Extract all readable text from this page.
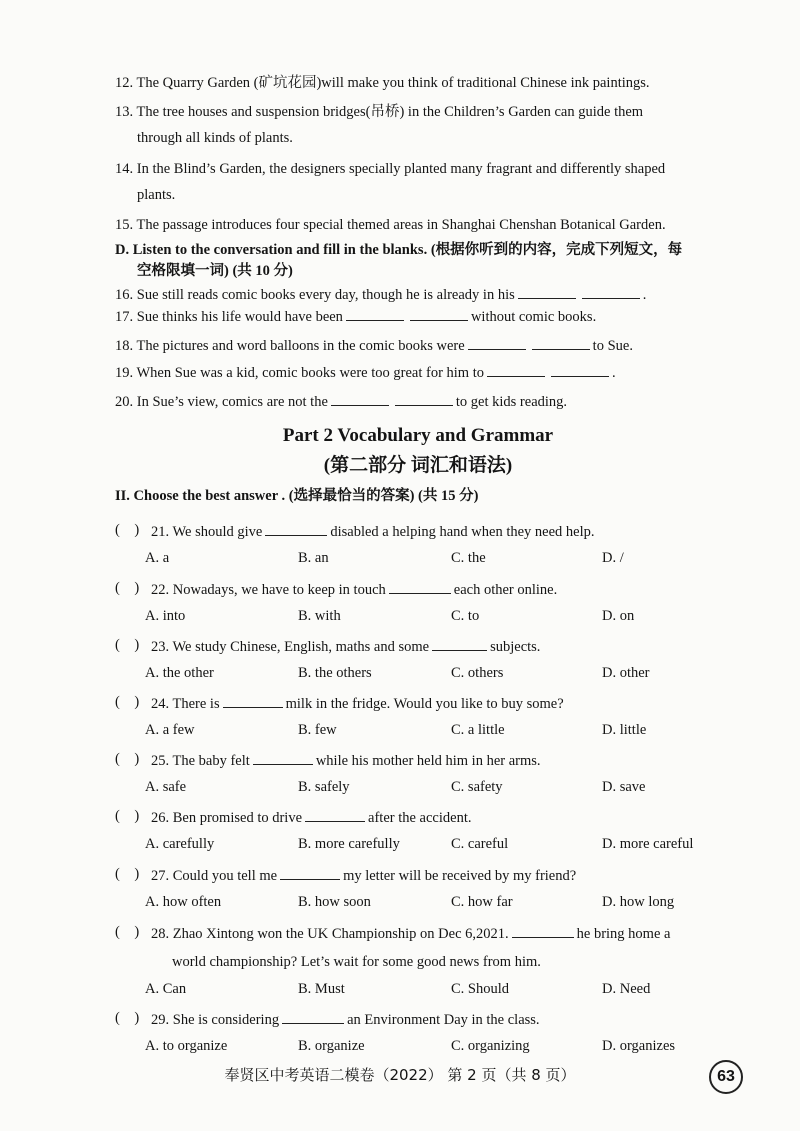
12. The Quarry Garden (矿坑花园)will make you think of traditional Chinese ink paintings.
13. The tree houses and suspension bridges(吊桥) in the Children’s Garden can guide them
through all kinds of plants.
14. In the Blind’s Garden, the designers specially planted many fragrant and differently shaped
plants.
15. The passage introduces four special themed areas in Shanghai Chenshan Botanical Garden.
D. Listen to the conversation and fill in the blanks. (根据你听到的内容，完成下列短文，每
空格限填一词) (共 10 分)
16. Sue still reads comic books every day, though he is already in his	.
17. Sue thinks his life would have been	without comic books.
18. The pictures and word balloons in the comic books were	to Sue.
19. When Sue was a kid, comic books were too great for him to	.
20. In Sue’s view, comics are not the	to get kids reading.
Part 2 Vocabulary and Grammar
(第二部分 词汇和语法)
II. Choose the best answer . (选择最恰当的答案) (共 15 分)
(    ) 21. We should give	disabled a helping hand when they need help.
A. a	B. an	C. the	D. /
(    ) 22. Nowadays, we have to keep in touch	each other online.
A. into	B. with	C. to	D. on
(    ) 23. We study Chinese, English, maths and some	subjects.
A. the other	B. the others	C. others	D. other
(    ) 24. There is	milk in the fridge. Would you like to buy some?
A. a few	B. few	C. a little	D. little
(    ) 25. The baby felt	while his mother held him in her arms.
A. safe	B. safely	C. safety	D. save
(    ) 26. Ben promised to drive	after the accident.
A. carefully	B. more carefully	C. careful	D. more careful
(    ) 27. Could you tell me	my letter will be received by my friend?
A. how often	B. how soon	C. how far	D. how long
(    ) 28. Zhao Xintong won the UK Championship on Dec 6,2021.	he bring home a
world championship? Let’s wait for some good news from him.
A. Can	B. Must	C. Should	D. Need
(    ) 29. She is considering	an Environment Day in the class.
A. to organize	B. organize	C. organizing	D. organizes
奉贤区中考英语二模卷（2022） 第 2 页（共 8 页）	63
